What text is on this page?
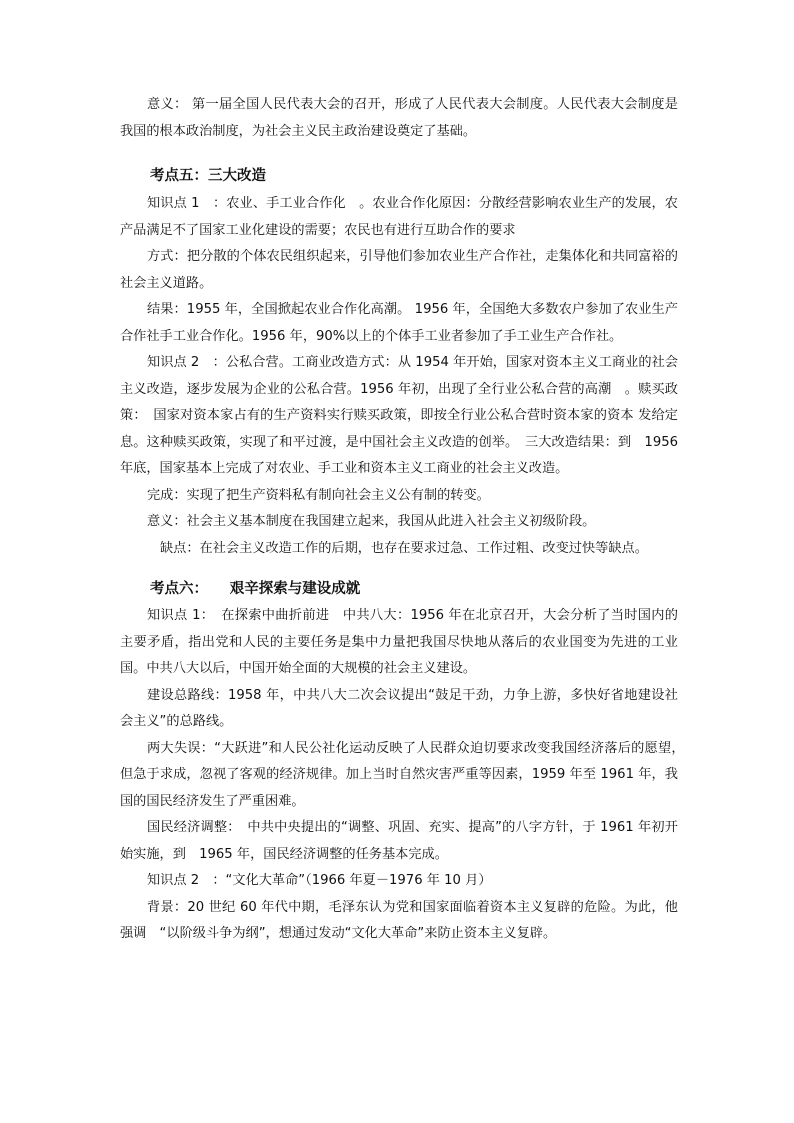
意义： 第一届全国人民代表大会的召开，形成了人民代表大会制度。人民代表大会制度是我国的根本政治制度，为社会主义民主政治建设奠定了基础。

考点五：三大改造

知识点 1　：农业、手工业合作化　。农业合作化原因：分散经营影响农业生产的发展，农产品满足不了国家工业化建设的需要；农民也有进行互助合作的要求

方式：把分散的个体农民组织起来，引导他们参加农业生产合作社，走集体化和共同富裕的社会主义道路。

结果：1955 年，全国掀起农业合作化高潮。 1956 年，全国绝大多数农户参加了农业生产合作社手工业合作化。1956 年，90%以上的个体手工业者参加了手工业生产合作社。

知识点 2　：公私合营。工商业改造方式：从 1954 年开始，国家对资本主义工商业的社会主义改造，逐步发展为企业的公私合营。1956 年初，出现了全行业公私合营的高潮　。赎买政策：　国家对资本家占有的生产资料实行赎买政策，即按全行业公私合营时资本家的资本 发给定息。这种赎买政策，实现了和平过渡，是中国社会主义改造的创举。　三大改造结果：到　1956 年底，国家基本上完成了对农业、手工业和资本主义工商业的社会主义改造。

完成：实现了把生产资料私有制向社会主义公有制的转变。

意义：社会主义基本制度在我国建立起来，我国从此进入社会主义初级阶段。

缺点：在社会主义改造工作的后期，也存在要求过急、工作过粗、改变过快等缺点。

考点六：　　艰辛探索与建设成就

知识点 1：　在探索中曲折前进　中共八大：1956 年在北京召开，大会分析了当时国内的主要矛盾，指出党和人民的主要任务是集中力量把我国尽快地从落后的农业国变为先进的工业国。中共八大以后，中国开始全面的大规模的社会主义建设。

建设总路线：1958 年，中共八大二次会议提出“鼓足干劲，力争上游，多快好省地建设社会主义”的总路线。

两大失误：“大跃进”和人民公社化运动反映了人民群众迫切要求改变我国经济落后的愿望，　但急于求成，忽视了客观的经济规律。加上当时自然灾害严重等因素，1959 年至 1961 年，我国的国民经济发生了严重困难。

国民经济调整：　中共中央提出的“调整、巩固、充实、提高”的八字方针，于 1961 年初开始实施，到　1965 年，国民经济调整的任务基本完成。

知识点 2　：“文化大革命”（1966 年夏－1976 年 10 月）

背景：20 世纪 60 年代中期，毛泽东认为党和国家面临着资本主义复辟的危险。为此，他强调　“以阶级斗争为纲”，想通过发动“文化大革命”来防止资本主义复辟。
